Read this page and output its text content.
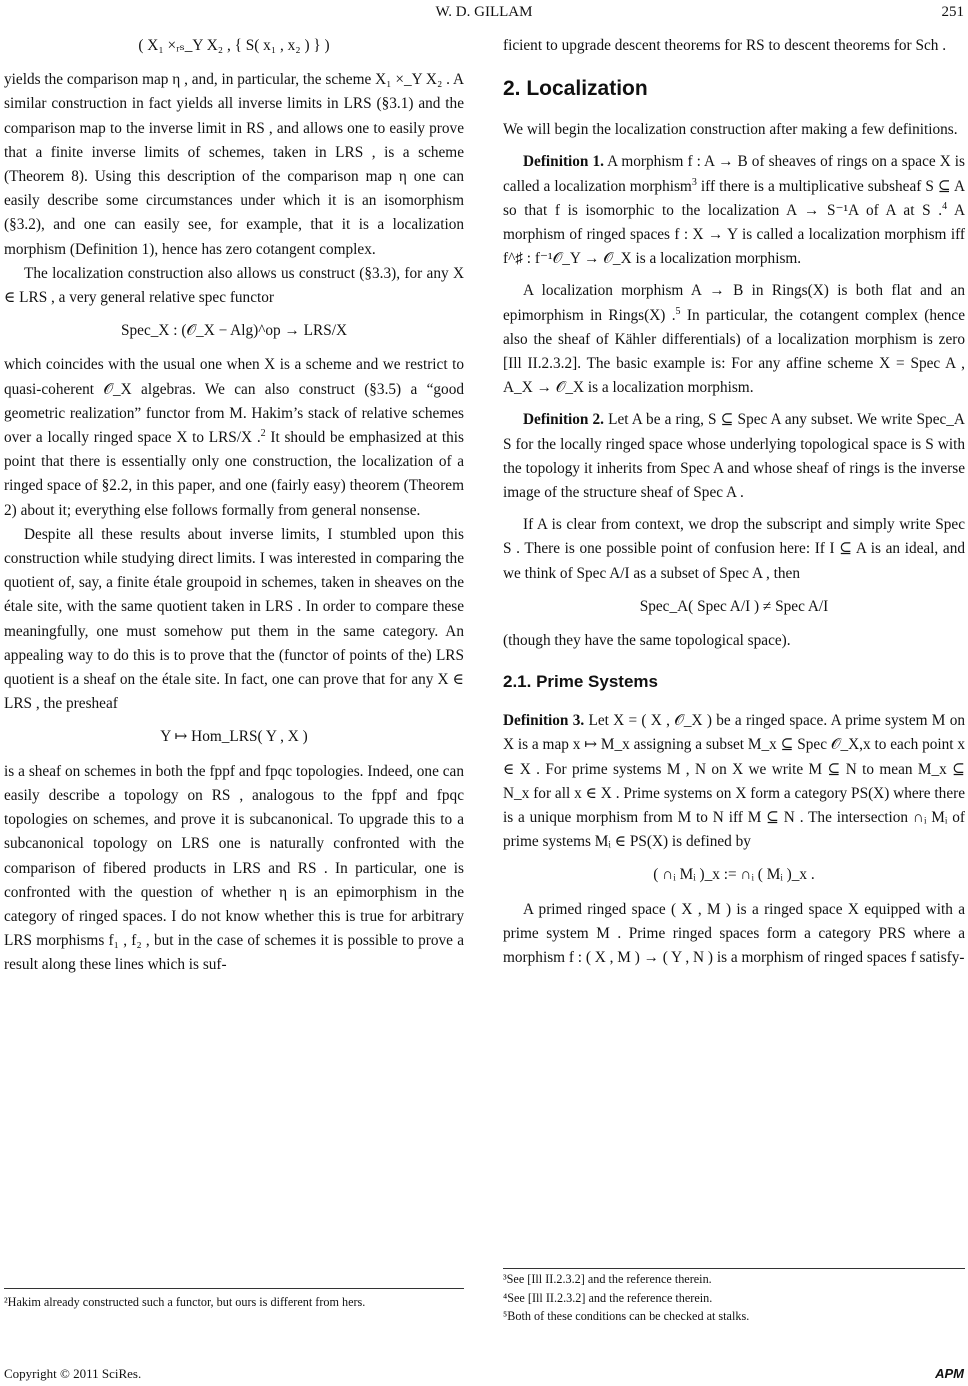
W. D. GILLAM	251
( X₁ ×ᵣₛ_Y X₂ , { S( x₁ , x₂ ) } )

yields the comparison map η , and, in particular, the scheme X₁ ×_Y X₂ . A similar construction in fact yields all inverse limits in LRS (§3.1) and the comparison map to the inverse limit in RS , and allows one to easily prove that a finite inverse limits of schemes, taken in LRS , is a scheme (Theorem 8). Using this description of the comparison map η one can easily describe some circumstances under which it is an isomorphism (§3.2), and one can easily see, for example, that it is a localization morphism (Definition 1), hence has zero cotangent complex.

The localization construction also allows us construct (§3.3), for any X ∈ LRS , a very general relative spec functor

Spec_X : (𝒪_X − Alg)^op → LRS/X

which coincides with the usual one when X is a scheme and we restrict to quasi-coherent 𝒪_X algebras. We can also construct (§3.5) a “good geometric realization” functor from M. Hakim’s stack of relative schemes over a locally ringed space X to LRS/X .$^2$ It should be emphasized at this point that there is essentially only one construction, the localization of a ringed space of §2.2, in this paper, and one (fairly easy) theorem (Theorem 2) about it; everything else follows formally from general nonsense.

Despite all these results about inverse limits, I stumbled upon this construction while studying direct limits. I was interested in comparing the quotient of, say, a finite étale groupoid in schemes, taken in sheaves on the étale site, with the same quotient taken in LRS . In order to compare these meaningfully, one must somehow put them in the same category. An appealing way to do this is to prove that the (functor of points of the) LRS quotient is a sheaf on the étale site. In fact, one can prove that for any X ∈ LRS , the presheaf

Y ↦ Hom_LRS( Y , X )

is a sheaf on schemes in both the fppf and fpqc topologies. Indeed, one can easily describe a topology on RS , analogous to the fppf and fpqc topologies on schemes, and prove it is subcanonical. To upgrade this to a subcanonical topology on LRS one is naturally confronted with the comparison of fibered products in LRS and RS . In particular, one is confronted with the question of whether η is an epimorphism in the category of ringed spaces. I do not know whether this is true for arbitrary LRS morphisms f₁ , f₂ , but in the case of schemes it is possible to prove a result along these lines which is suf-

²Hakim already constructed such a functor, but ours is different from hers.

ficient to upgrade descent theorems for RS to descent theorems for Sch .

2. Localization

We will begin the localization construction after making a few definitions.

Definition 1. A morphism f : A → B of sheaves of rings on a space X is called a localization morphism$^3$ iff there is a multiplicative subsheaf S ⊆ A so that f is isomorphic to the localization A → S⁻¹A of A at S .$^4$ A morphism of ringed spaces f : X → Y is called a localization morphism iff f^♯ : f⁻¹𝒪_Y → 𝒪_X is a localization morphism.

A localization morphism A → B in Rings(X) is both flat and an epimorphism in Rings(X) .$^5$ In particular, the cotangent complex (hence also the sheaf of Kähler differentials) of a localization morphism is zero [Ill II.2.3.2]. The basic example is: For any affine scheme X = Spec A , A_X → 𝒪_X is a localization morphism.

Definition 2. Let A be a ring, S ⊆ Spec A any subset. We write Spec_A S for the locally ringed space whose underlying topological space is S with the topology it inherits from Spec A and whose sheaf of rings is the inverse image of the structure sheaf of Spec A .

If A is clear from context, we drop the subscript and simply write Spec S . There is one possible point of confusion here: If I ⊆ A is an ideal, and we think of Spec A/I as a subset of Spec A , then

Spec_A( Spec A/I ) ≠ Spec A/I

(though they have the same topological space).

2.1. Prime Systems

Definition 3. Let X = ( X , 𝒪_X ) be a ringed space. A prime system M on X is a map x ↦ M_x assigning a subset M_x ⊆ Spec 𝒪_X,x to each point x ∈ X . For prime systems M , N on X we write M ⊆ N to mean M_x ⊆ N_x for all x ∈ X . Prime systems on X form a category PS(X) where there is a unique morphism from M to N iff M ⊆ N . The intersection ∩ᵢ Mᵢ of prime systems Mᵢ ∈ PS(X) is defined by

( ∩ᵢ Mᵢ )_x := ∩ᵢ ( Mᵢ )_x .

A primed ringed space ( X , M ) is a ringed space X equipped with a prime system M . Prime ringed spaces form a category PRS where a morphism f : ( X , M ) → ( Y , N ) is a morphism of ringed spaces f satisfy-

³See [Ill II.2.3.2] and the reference therein.
⁴See [Ill II.2.3.2] and the reference therein.
⁵Both of these conditions can be checked at stalks.
Copyright © 2011 SciRes.	APM
